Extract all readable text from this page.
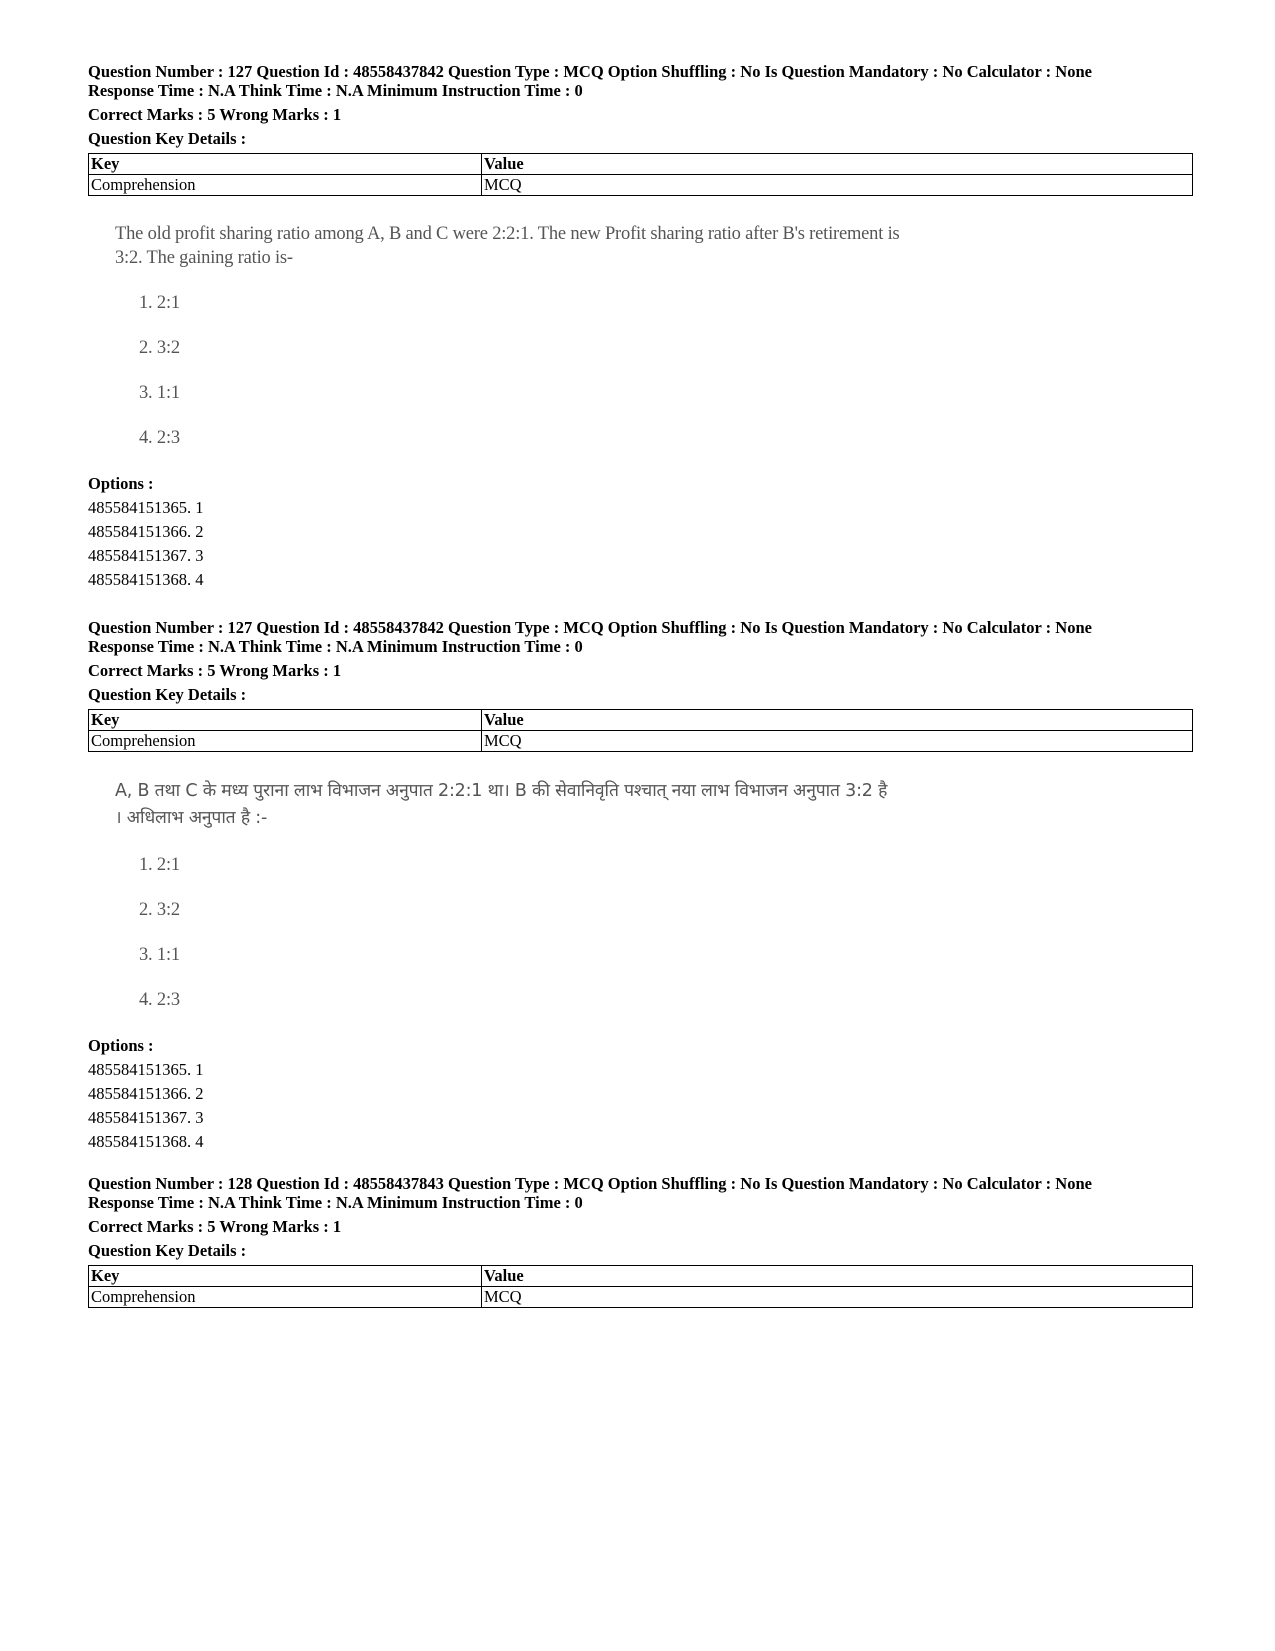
Question Number : 127 Question Id : 48558437842 Question Type : MCQ Option Shuffling : No Is Question Mandatory : No Calculator : None
Response Time : N.A Think Time : N.A Minimum Instruction Time : 0
Correct Marks : 5 Wrong Marks : 1
Question Key Details :
Key	Value
Comprehension	MCQ
The old profit sharing ratio among A, B and C were 2:2:1. The new Profit sharing ratio after B's retirement is
3:2. The gaining ratio is-
1. 2:1
2. 3:2
3. 1:1
4. 2:3
Options :
485584151365. 1
485584151366. 2
485584151367. 3
485584151368. 4
Question Number : 127 Question Id : 48558437842 Question Type : MCQ Option Shuffling : No Is Question Mandatory : No Calculator : None
Response Time : N.A Think Time : N.A Minimum Instruction Time : 0
Correct Marks : 5 Wrong Marks : 1
Question Key Details :
Key	Value
Comprehension	MCQ
A, B तथा C के मध्य पुराना लाभ विभाजन अनुपात 2:2:1 था। B की सेवानिवृति पश्चात् नया लाभ विभाजन अनुपात 3:2 है
। अधिलाभ अनुपात है :-
1. 2:1
2. 3:2
3. 1:1
4. 2:3
Options :
485584151365. 1
485584151366. 2
485584151367. 3
485584151368. 4
Question Number : 128 Question Id : 48558437843 Question Type : MCQ Option Shuffling : No Is Question Mandatory : No Calculator : None
Response Time : N.A Think Time : N.A Minimum Instruction Time : 0
Correct Marks : 5 Wrong Marks : 1
Question Key Details :
Key	Value
Comprehension	MCQ
